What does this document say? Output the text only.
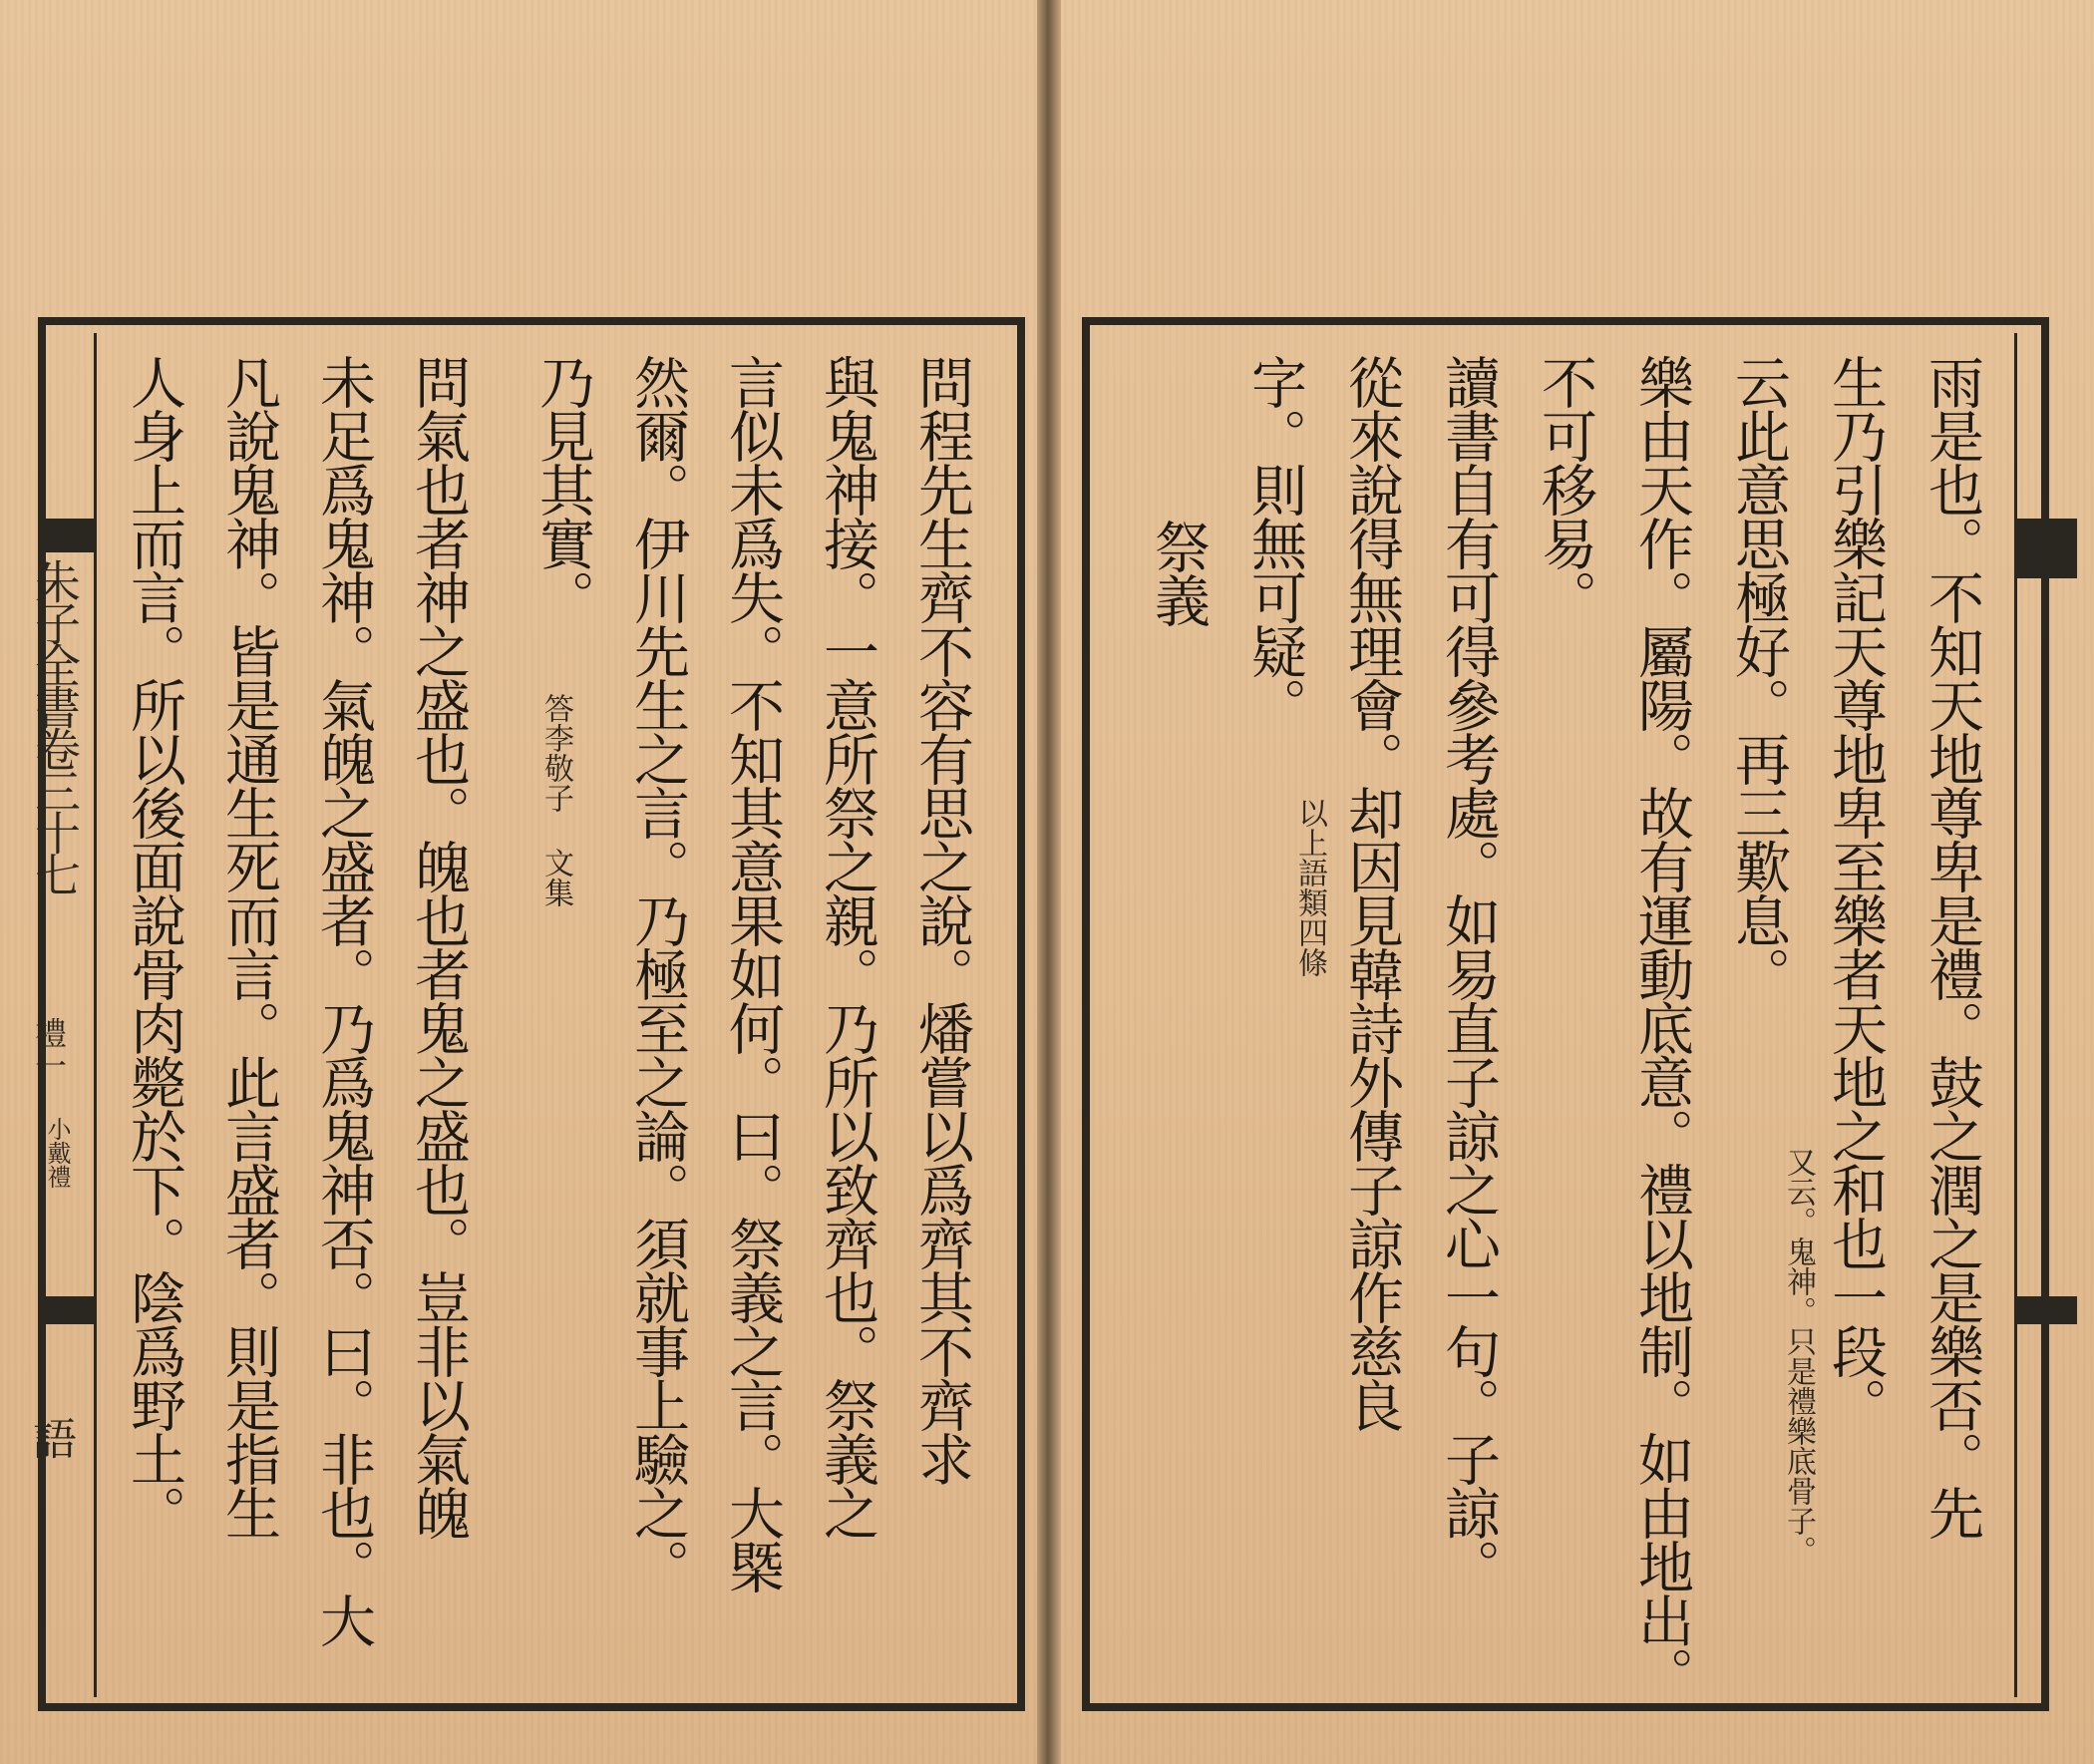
朱子全書卷三十七
禮一
小戴禮
語	問程先生齊不容有思之說。燔嘗以爲齊其不齊求
與鬼神接。一意所祭之親。乃所以致齊也。祭義之
言似未爲失。不知其意果如何。曰。祭義之言。大槩
然爾。伊川先生之言。乃極至之論。須就事上驗之。
乃見其實。
答李敬子 文集
問氣也者神之盛也。魄也者鬼之盛也。豈非以氣魄
未足爲鬼神。氣魄之盛者。乃爲鬼神否。曰。非也。大
凡說鬼神。皆是通生死而言。此言盛者。則是指生
人身上而言。所以後面說骨肉斃於下。陰爲野土。	雨是也。不知天地尊卑是禮。鼓之潤之是樂否。先
生乃引樂記天尊地卑至樂者天地之和也一段。
云此意思極好。再三歎息。
又云。鬼神。只是禮樂底骨子。
樂由天作。屬陽。故有運動底意。禮以地制。如由地出。
不可移易。
讀書自有可得參考處。如易直子諒之心一句。子諒。
從來說得無理會。却因見韓詩外傳子諒作慈良
字。則無可疑。
以上語類四條
祭義
